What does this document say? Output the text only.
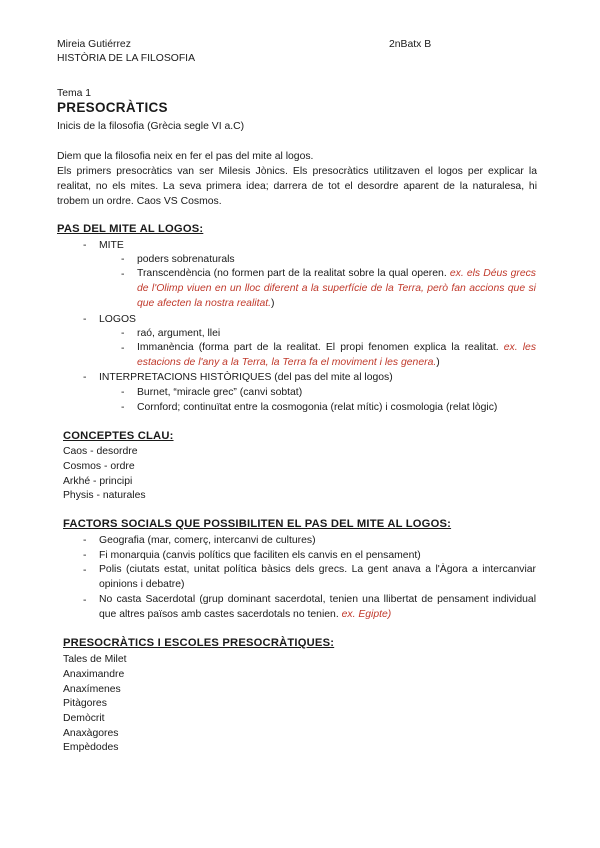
Mireia Gutiérrez	2nBatx B
HISTÒRIA DE LA FILOSOFIA
Tema 1
PRESOCRÀTICS
Inicis de la filosofia (Grècia segle VI a.C)
Diem que la filosofia neix en fer el pas del mite al logos.
Els primers presocràtics van ser Milesis Jònics. Els presocràtics utilitzaven el logos per explicar la realitat, no els mites. La seva primera idea; darrera de tot el desordre aparent de la naturalesa, hi trobem un ordre. Caos VS Cosmos.
PAS DEL MITE AL LOGOS:
- MITE
- poders sobrenaturals
- Transcendència (no formen part de la realitat sobre la qual operen. ex. els Déus grecs de l'Olimp viuen en un lloc diferent a la superfície de la Terra, però fan accions que si que afecten la nostra realitat.)
- LOGOS
- raó, argument, llei
- Immanència (forma part de la realitat. El propi fenomen explica la realitat. ex. les estacions de l'any a la Terra, la Terra fa el moviment i les genera.)
- INTERPRETACIONS HISTÒRIQUES (del pas del mite al logos)
- Burnet, “miracle grec” (canvi sobtat)
- Cornford; continuïtat entre la cosmogonia (relat mític) i cosmologia (relat lògic)
CONCEPTES CLAU:
Caos - desordre
Cosmos - ordre
Arkhé - principi
Physis - naturales
FACTORS SOCIALS QUE POSSIBILITEN EL PAS DEL MITE AL LOGOS:
- Geografia (mar, comerç, intercanvi de cultures)
- Fi monarquia (canvis polítics que faciliten els canvis en el pensament)
- Polis (ciutats estat, unitat política bàsics dels grecs. La gent anava a l'Àgora a intercanviar opinions i debatre)
- No casta Sacerdotal (grup dominant sacerdotal, tenien una llibertat de pensament individual que altres països amb castes sacerdotals no tenien. ex. Egipte)
PRESOCRÀTICS I ESCOLES PRESOCRÀTIQUES:
Tales de Milet
Anaximandre
Anaxímenes
Pitàgores
Demòcrit
Anaxàgores
Empèdodes
